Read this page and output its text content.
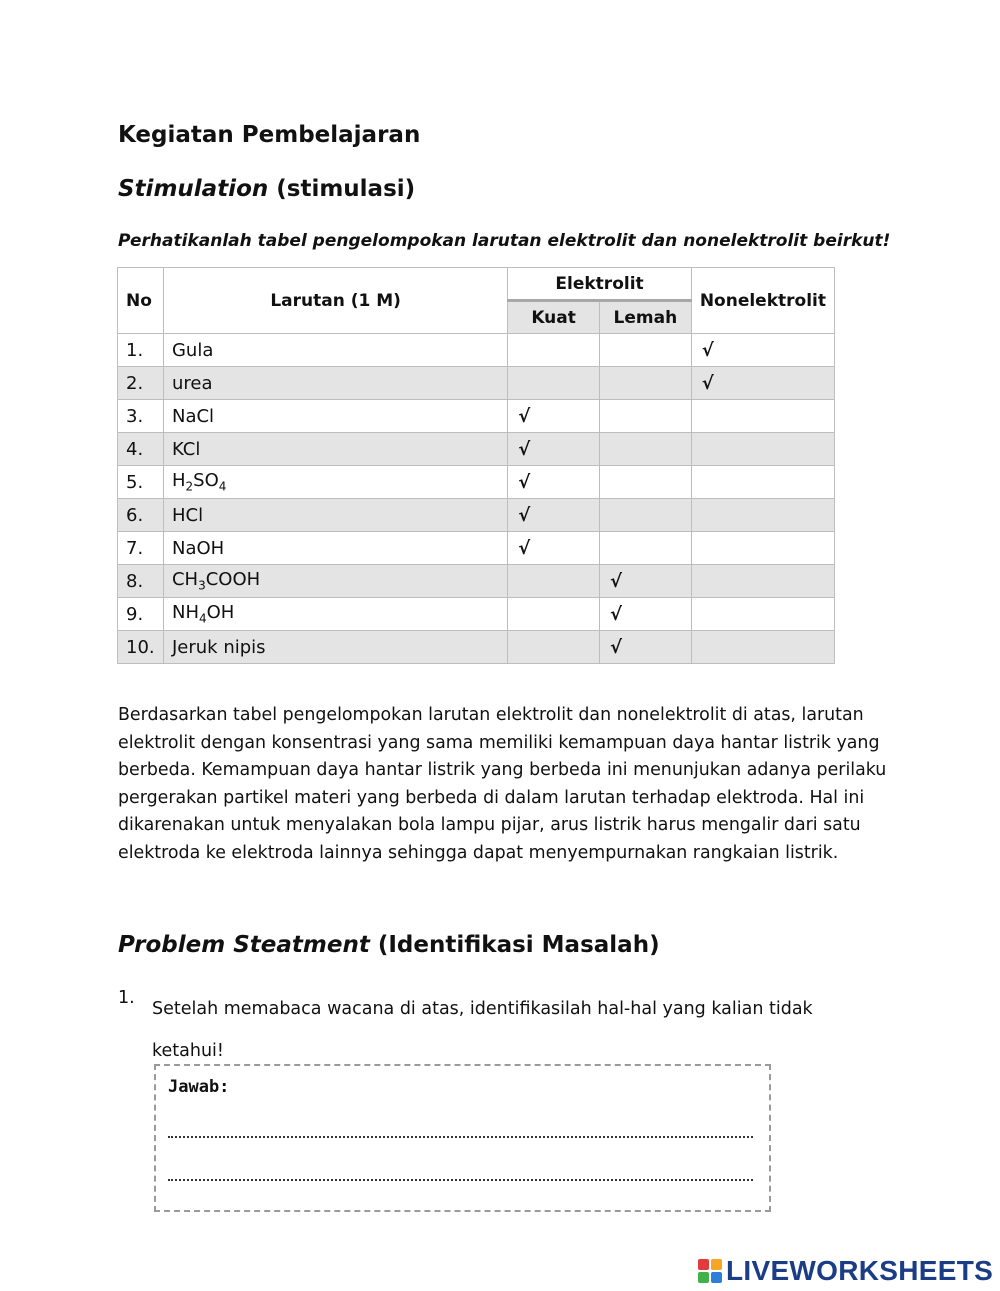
Kegiatan Pembelajaran
Stimulation (stimulasi)
Perhatikanlah tabel pengelompokan larutan elektrolit dan nonelektrolit beirkut!
No	Larutan (1 M)	Elektrolit		Nonelektrolit
		Kuat	Lemah	
1.	Gula			√
2.	urea			√
3.	NaCl	√		
4.	KCl	√		
5.	$H_2SO_4$	√		
6.	HCl	√		
7.	NaOH	√		
8.	$CH_3COOH$		√	
9.	$NH_4OH$		√	
10.	Jeruk nipis		√	
Berdasarkan tabel pengelompokan larutan elektrolit dan nonelektrolit di atas, larutan elektrolit dengan konsentrasi yang sama memiliki kemampuan daya hantar listrik yang berbeda. Kemampuan daya hantar listrik yang berbeda ini menunjukan adanya perilaku pergerakan partikel materi yang berbeda di dalam larutan terhadap elektroda. Hal ini dikarenakan untuk menyalakan bola lampu pijar, arus listrik harus mengalir dari satu elektroda ke elektroda lainnya sehingga dapat menyempurnakan rangkaian listrik.
Problem Steatment (Identifikasi Masalah)
1.
Setelah memabaca wacana di atas, identifikasilah hal-hal yang kalian tidak ketahui!
Jawab:
LIVEWORKSHEETS
